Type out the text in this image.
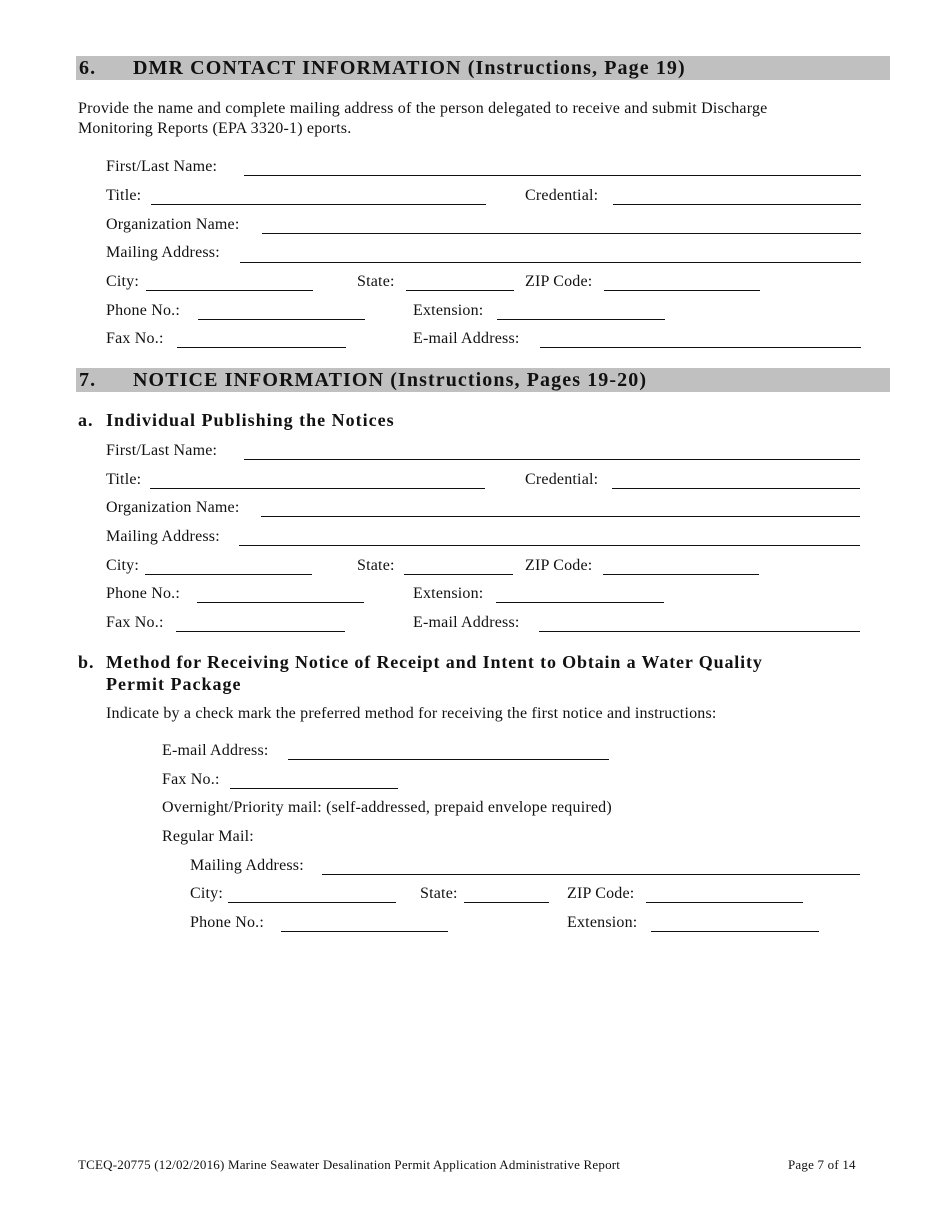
6. DMR CONTACT INFORMATION (Instructions, Page 19)
Provide the name and complete mailing address of the person delegated to receive and submit Discharge
Monitoring Reports (EPA 3320-1) eports.
First/Last Name:
Title:	Credential:
Organization Name:
Mailing Address:
City:	State:	ZIP Code:
Phone No.:	Extension:
Fax No.:	E-mail Address:
7. NOTICE INFORMATION (Instructions, Pages 19-20)
a. Individual Publishing the Notices
First/Last Name:
Title:	Credential:
Organization Name:
Mailing Address:
City:	State:	ZIP Code:
Phone No.:	Extension:
Fax No.:	E-mail Address:
b. Method for Receiving Notice of Receipt and Intent to Obtain a Water Quality
Permit Package
Indicate by a check mark the preferred method for receiving the first notice and instructions:
E-mail Address:
Fax No.:
Overnight/Priority mail: (self-addressed, prepaid envelope required)
Regular Mail:
Mailing Address:
City:	State:	ZIP Code:
Phone No.:	Extension:
TCEQ-20775 (12/02/2016) Marine Seawater Desalination Permit Application Administrative Report	Page 7 of 14
